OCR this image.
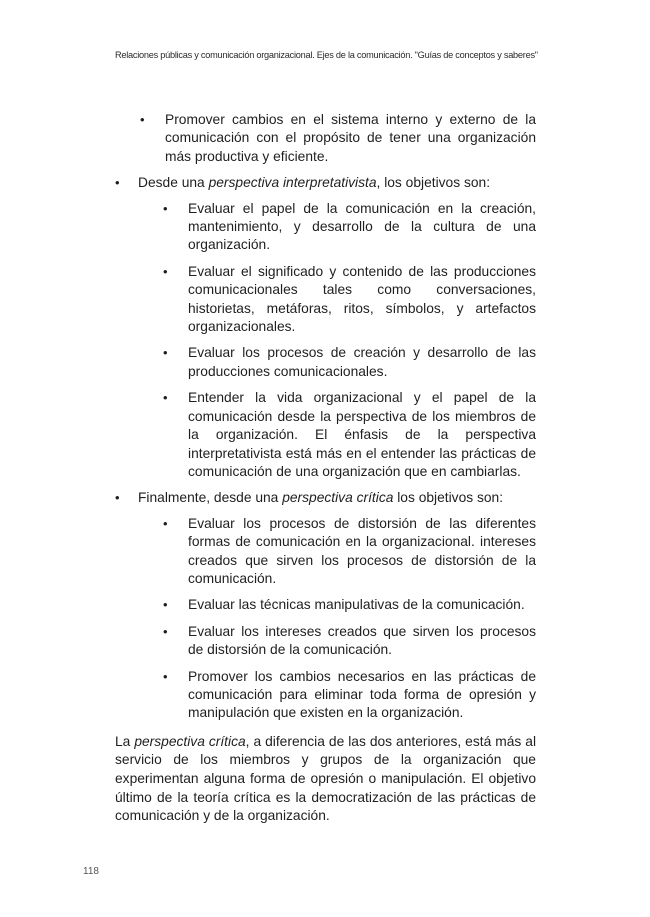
Relaciones públicas y comunicación organizacional. Ejes de la comunicación. "Guías de conceptos y saberes"
• Promover cambios en el sistema interno y externo de la comunicación con el propósito de tener una organización más productiva y eficiente.
• Desde una perspectiva interpretativista, los objetivos son:
• Evaluar el papel de la comunicación en la creación, mantenimiento, y desarrollo de la cultura de una organización.
• Evaluar el significado y contenido de las producciones comunicacionales tales como conversaciones, historietas, metáforas, ritos, símbolos, y artefactos organizacionales.
• Evaluar los procesos de creación y desarrollo de las producciones comunicacionales.
• Entender la vida organizacional y el papel de la comunicación desde la perspectiva de los miembros de la organización. El énfasis de la perspectiva interpretativista está más en el entender las prácticas de comunicación de una organización que en cambiarlas.
• Finalmente, desde una perspectiva crítica los objetivos son:
• Evaluar los procesos de distorsión de las diferentes formas de comunicación en la organizacional. intereses creados que sirven los procesos de distorsión de la comunicación.
• Evaluar las técnicas manipulativas de la comunicación.
• Evaluar los intereses creados que sirven los procesos de distorsión de la comunicación.
• Promover los cambios necesarios en las prácticas de comunicación para eliminar toda forma de opresión y manipulación que existen en la organización.

La perspectiva crítica, a diferencia de las dos anteriores, está más al servicio de los miembros y grupos de la organización que experimentan alguna forma de opresión o manipulación. El objetivo último de la teoría crítica es la democratización de las prácticas de comunicación y de la organización.

118
